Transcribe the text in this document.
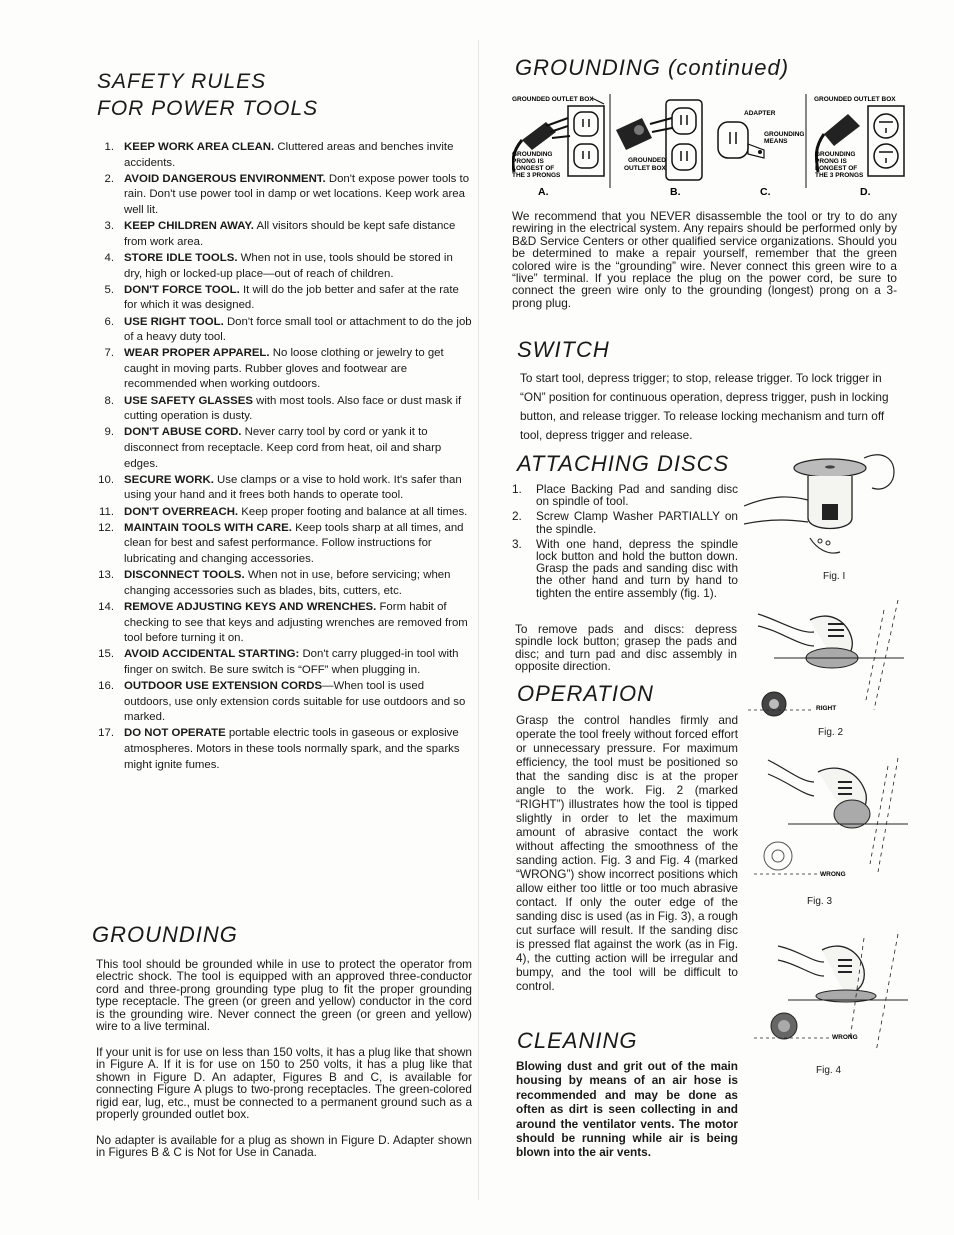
SAFETY RULES
FOR POWER TOOLS
1. KEEP WORK AREA CLEAN. Cluttered areas and benches invite accidents.
2. AVOID DANGEROUS ENVIRONMENT. Don't expose power tools to rain. Don't use power tool in damp or wet locations. Keep work area well lit.
3. KEEP CHILDREN AWAY. All visitors should be kept safe distance from work area.
4. STORE IDLE TOOLS. When not in use, tools should be stored in dry, high or locked-up place—out of reach of children.
5. DON'T FORCE TOOL. It will do the job better and safer at the rate for which it was designed.
6. USE RIGHT TOOL. Don't force small tool or attachment to do the job of a heavy duty tool.
7. WEAR PROPER APPAREL. No loose clothing or jewelry to get caught in moving parts. Rubber gloves and footwear are recommended when working outdoors.
8. USE SAFETY GLASSES with most tools. Also face or dust mask if cutting operation is dusty.
9. DON'T ABUSE CORD. Never carry tool by cord or yank it to disconnect from receptacle. Keep cord from heat, oil and sharp edges.
10. SECURE WORK. Use clamps or a vise to hold work. It's safer than using your hand and it frees both hands to operate tool.
11. DON'T OVERREACH. Keep proper footing and balance at all times.
12. MAINTAIN TOOLS WITH CARE. Keep tools sharp at all times, and clean for best and safest performance. Follow instructions for lubricating and changing accessories.
13. DISCONNECT TOOLS. When not in use, before servicing; when changing accessories such as blades, bits, cutters, etc.
14. REMOVE ADJUSTING KEYS AND WRENCHES. Form habit of checking to see that keys and adjusting wrenches are removed from tool before turning it on.
15. AVOID ACCIDENTAL STARTING: Don't carry plugged-in tool with finger on switch. Be sure switch is “OFF” when plugging in.
16. OUTDOOR USE EXTENSION CORDS—When tool is used outdoors, use only extension cords suitable for use outdoors and so marked.
17. DO NOT OPERATE portable electric tools in gaseous or explosive atmospheres. Motors in these tools normally spark, and the sparks might ignite fumes.
GROUNDING

This tool should be grounded while in use to protect the operator from electric shock. The tool is equipped with an approved three-conductor cord and three-prong grounding type plug to fit the proper grounding type receptacle. The green (or green and yellow) conductor in the cord is the grounding wire. Never connect the green (or green and yellow) wire to a live terminal.

If your unit is for use on less than 150 volts, it has a plug like that shown in Figure A. If it is for use on 150 to 250 volts, it has a plug like that shown in Figure D. An adapter, Figures B and C, is available for connecting Figure A plugs to two-prong receptacles. The green-colored rigid ear, lug, etc., must be connected to a permanent ground such as a properly grounded outlet box.

No adapter is available for a plug as shown in Figure D. Adapter shown in Figures B & C is Not for Use in Canada.

GROUNDING (continued)
GROUNDED OUTLET BOX
GROUNDING
PRONG IS
LONGEST OF
THE 3 PRONGS
A.
GROUNDED
OUTLET BOX
B.
ADAPTER
GROUNDING
MEANS
C.
GROUNDED OUTLET BOX
GROUNDING
PRONG IS
LONGEST OF
THE 3 PRONGS
D.

We recommend that you NEVER disassemble the tool or try to do any rewiring in the electrical system. Any repairs should be performed only by B&D Service Centers or other qualified service organizations. Should you be determined to make a repair yourself, remember that the green colored wire is the “grounding” wire. Never connect this green wire to a “live” terminal. If you replace the plug on the power cord, be sure to connect the green wire only to the grounding (longest) prong on a 3-prong plug.

SWITCH

To start tool, depress trigger; to stop, release trigger. To lock trigger in “ON” position for continuous operation, depress trigger, push in locking button, and release trigger. To release locking mechanism and turn off tool, depress trigger and release.

ATTACHING DISCS
1. Place Backing Pad and sanding disc on spindle of tool.
2. Screw Clamp Washer PARTIALLY on the spindle.
3. With one hand, depress the spindle lock button and hold the button down. Grasp the pads and sanding disc with the other hand and turn by hand to tighten the entire assembly (fig. 1).

To remove pads and discs: depress spindle lock button; grasep the pads and disc; and turn pad and disc assembly in opposite direction.

OPERATION

Grasp the control handles firmly and operate the tool freely without forced effort or unnecessary pressure. For maximum efficiency, the tool must be positioned so that the sanding disc is at the proper angle to the work. Fig. 2 (marked “RIGHT”) illustrates how the tool is tipped slightly in order to let the maximum amount of abrasive contact the work without affecting the smoothness of the sanding action. Fig. 3 and Fig. 4 (marked “WRONG”) show incorrect positions which allow either too little or too much abrasive contact. If only the outer edge of the sanding disc is used (as in Fig. 3), a rough cut surface will result. If the sanding disc is pressed flat against the work (as in Fig. 4), the cutting action will be irregular and bumpy, and the tool will be difficult to control.

CLEANING

Blowing dust and grit out of the main housing by means of an air hose is recommended and may be done as often as dirt is seen collecting in and around the ventilator vents. The motor should be running while air is being blown into the air vents.

Fig. I
RIGHT
Fig. 2
WRONG
Fig. 3
WRONG
Fig. 4
